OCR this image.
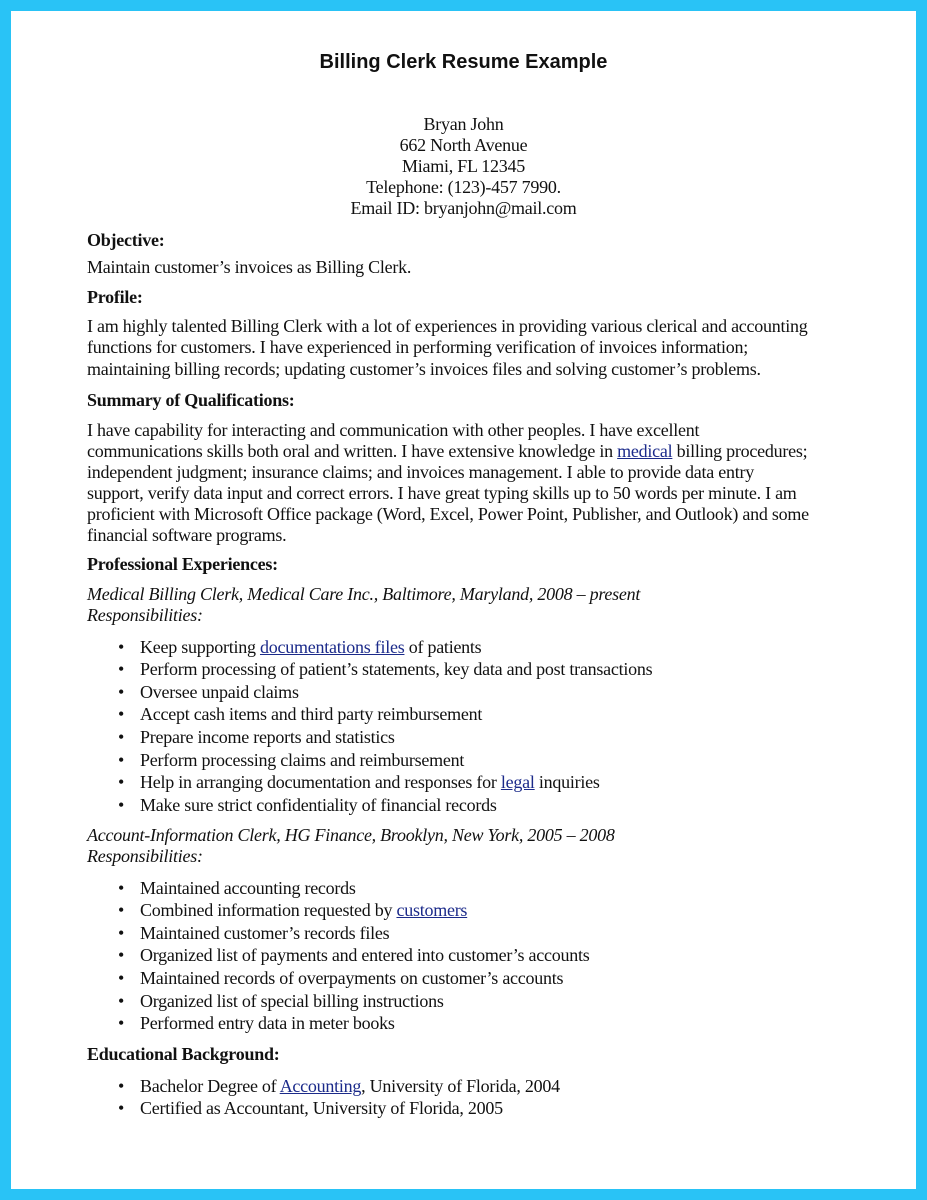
Billing Clerk Resume Example
Bryan John
662 North Avenue
Miami, FL 12345
Telephone: (123)-457 7990.
Email ID: bryanjohn@mail.com
Objective:
Maintain customer’s invoices as Billing Clerk.
Profile:
I am highly talented Billing Clerk with a lot of experiences in providing various clerical and accounting
functions for customers. I have experienced in performing verification of invoices information;
maintaining billing records; updating customer’s invoices files and solving customer’s problems.
Summary of Qualifications:
I have capability for interacting and communication with other peoples. I have excellent
communications skills both oral and written. I have extensive knowledge in medical billing procedures;
independent judgment; insurance claims; and invoices management. I able to provide data entry
support, verify data input and correct errors. I have great typing skills up to 50 words per minute. I am
proficient with Microsoft Office package (Word, Excel, Power Point, Publisher, and Outlook) and some
financial software programs.
Professional Experiences:
Medical Billing Clerk, Medical Care Inc., Baltimore, Maryland, 2008 – present
Responsibilities:
• Keep supporting documentations files of patients
• Perform processing of patient’s statements, key data and post transactions
• Oversee unpaid claims
• Accept cash items and third party reimbursement
• Prepare income reports and statistics
• Perform processing claims and reimbursement
• Help in arranging documentation and responses for legal inquiries
• Make sure strict confidentiality of financial records
Account-Information Clerk, HG Finance, Brooklyn, New York, 2005 – 2008
Responsibilities:
• Maintained accounting records
• Combined information requested by customers
• Maintained customer’s records files
• Organized list of payments and entered into customer’s accounts
• Maintained records of overpayments on customer’s accounts
• Organized list of special billing instructions
• Performed entry data in meter books
Educational Background:
• Bachelor Degree of Accounting, University of Florida, 2004
• Certified as Accountant, University of Florida, 2005
